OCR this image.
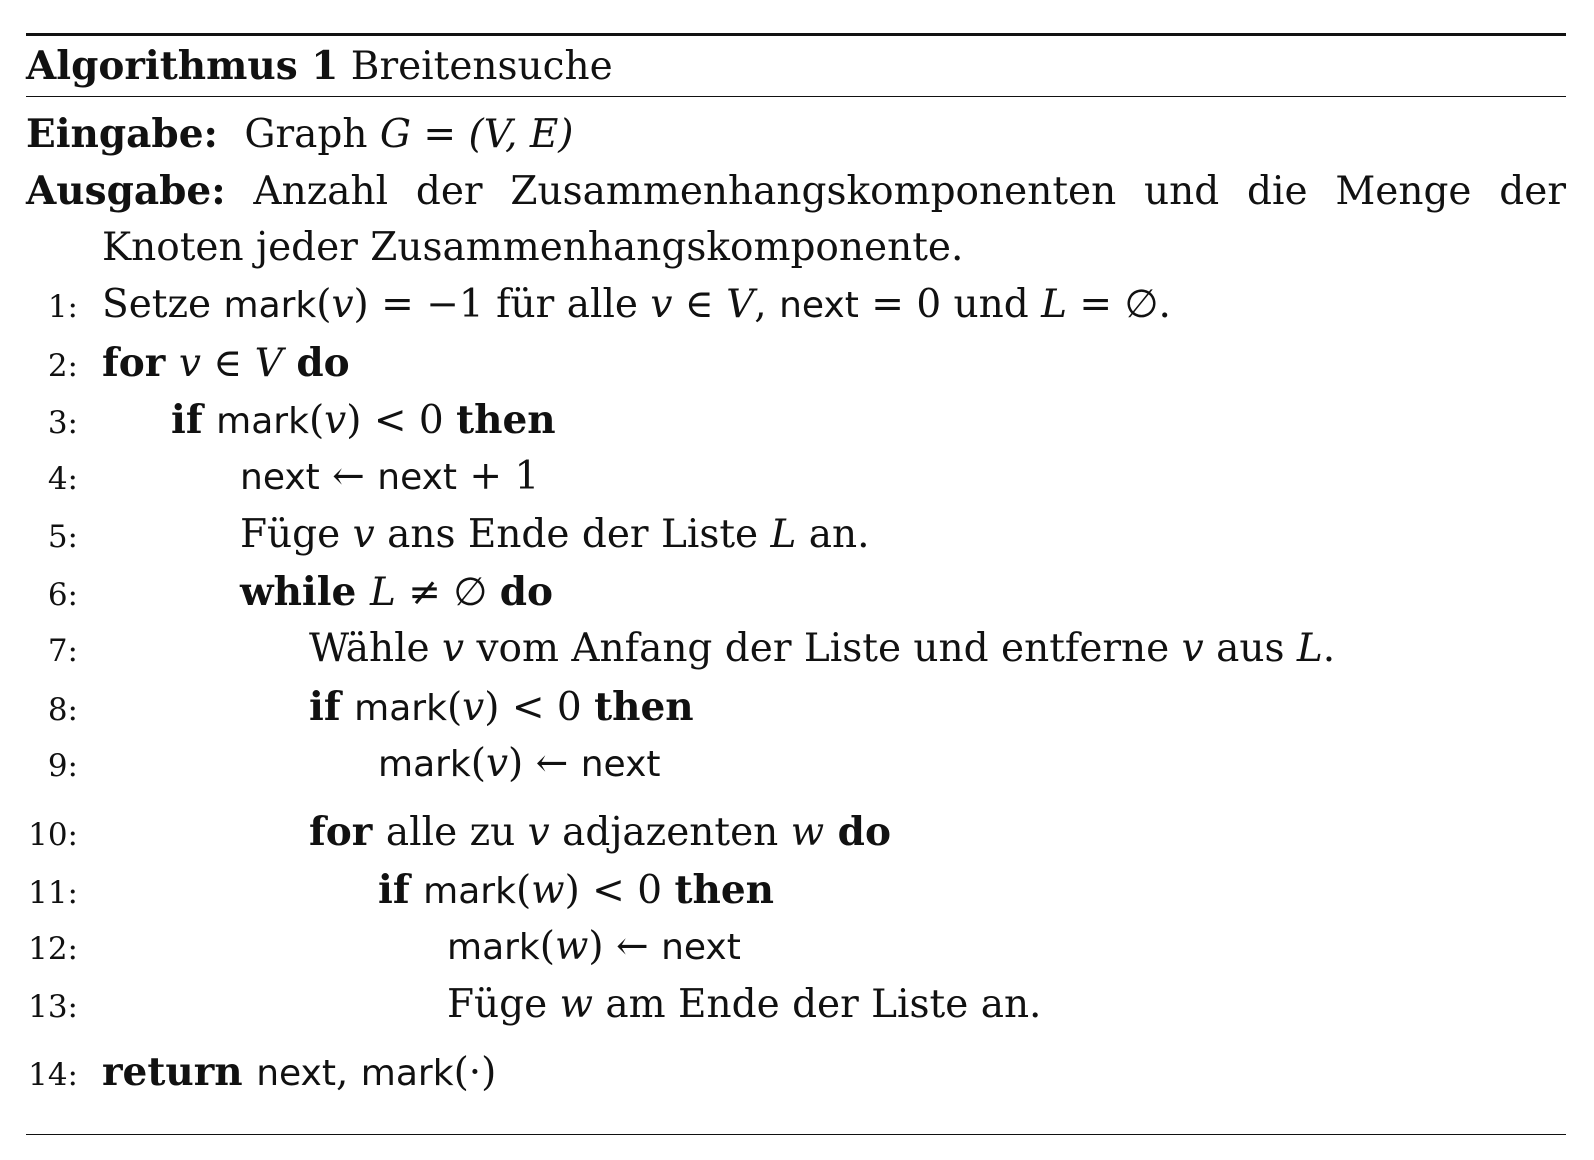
Algorithmus 1 Breitensuche
Eingabe: Graph G = (V, E)
Ausgabe: Anzahl der Zusammenhangskomponenten und die Menge der
Knoten jeder Zusammenhangskomponente.
1: Setze mark(v) = −1 für alle v ∈ V, next = 0 und L = ∅.
2: for v ∈ V do
3: if mark(v) < 0 then
4:	next ← next + 1
5:	Füge v ans Ende der Liste L an.
6:	while L ≠ ∅ do
7:	Wähle v vom Anfang der Liste und entferne v aus L.
8:	if mark(v) < 0 then
9:	mark(v) ← next
10:	for alle zu v adjazenten w do
11:	if mark(w) < 0 then
12:	mark(w) ← next
13:	Füge w am Ende der Liste an.
14: return next, mark(·)
